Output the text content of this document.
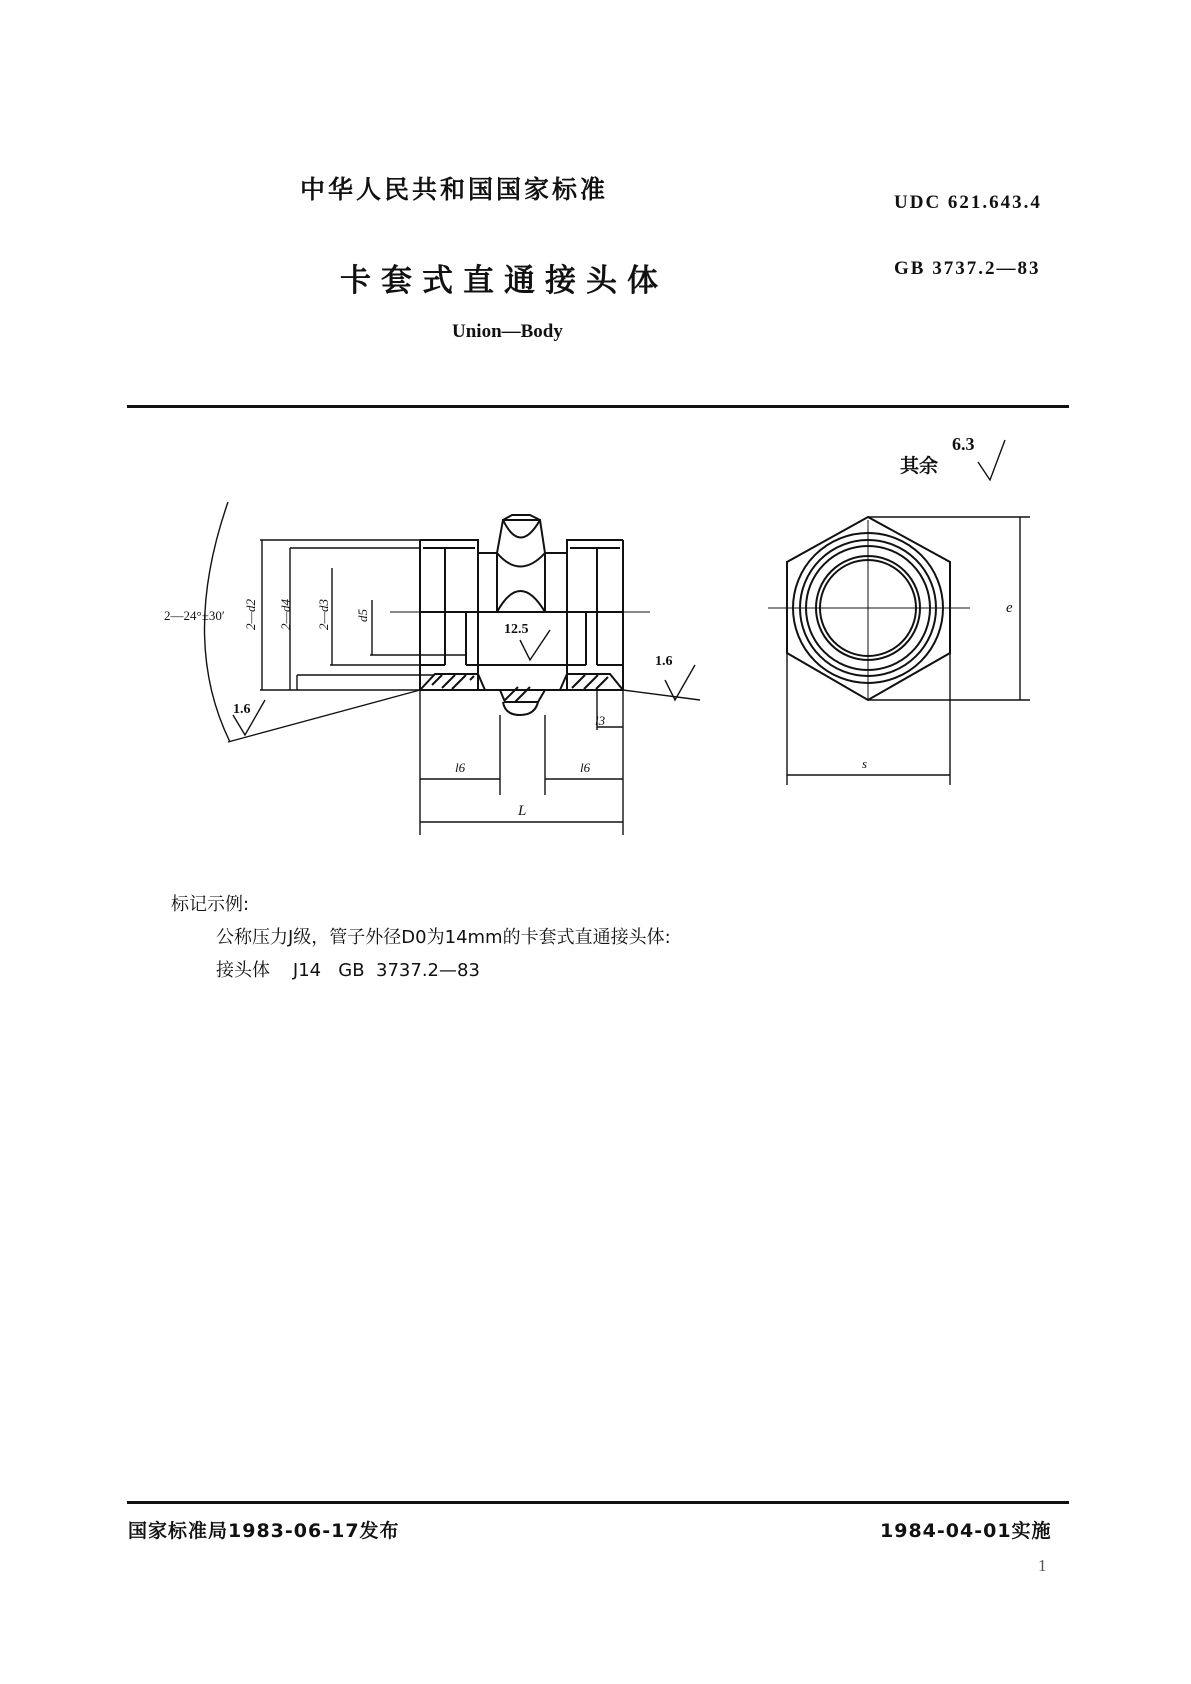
中华人民共和国国家标准
卡套式直通接头体
Union—Body
UDC 621.643.4
GB 3737.2—83
2—24°±30′ 2—d2 2—d4 2—d3 d5
l3
l6	l6
L
e
s
1.6
1.6
12.5
6.3
其余
标记示例:
公称压力J级，管子外径D0为14mm的卡套式直通接头体:
接头体    J14   GB  3737.2—83
国家标准局1983-06-17发布	1984-04-01实施
1
